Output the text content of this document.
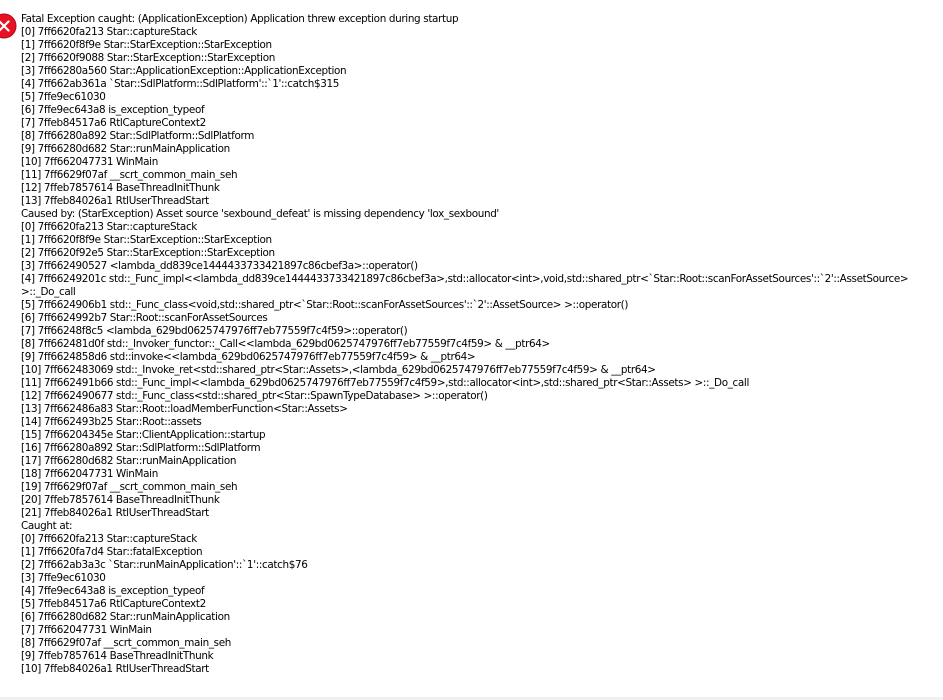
Fatal Exception caught: (ApplicationException) Application threw exception during startup
[0] 7ff6620fa213 Star::captureStack
[1] 7ff6620f8f9e Star::StarException::StarException
[2] 7ff6620f9088 Star::StarException::StarException
[3] 7ff66280a560 Star::ApplicationException::ApplicationException
[4] 7ff662ab361a `Star::SdlPlatform::SdlPlatform'::`1'::catch$315
[5] 7ffe9ec61030
[6] 7ffe9ec643a8 is_exception_typeof
[7] 7ffeb84517a6 RtlCaptureContext2
[8] 7ff66280a892 Star::SdlPlatform::SdlPlatform
[9] 7ff66280d682 Star::runMainApplication
[10] 7ff662047731 WinMain
[11] 7ff6629f07af __scrt_common_main_seh
[12] 7ffeb7857614 BaseThreadInitThunk
[13] 7ffeb84026a1 RtlUserThreadStart
Caused by: (StarException) Asset source 'sexbound_defeat' is missing dependency 'lox_sexbound'
[0] 7ff6620fa213 Star::captureStack
[1] 7ff6620f8f9e Star::StarException::StarException
[2] 7ff6620f92e5 Star::StarException::StarException
[3] 7ff662490527 <lambda_dd839ce1444433733421897c86cbef3a>::operator()
[4] 7ff66249201c std::_Func_impl<<lambda_dd839ce1444433733421897c86cbef3a>,std::allocator<int>,void,std::shared_ptr<`Star::Root::scanForAssetSources'::`2'::AssetSource>
>::_Do_call
[5] 7ff6624906b1 std::_Func_class<void,std::shared_ptr<`Star::Root::scanForAssetSources'::`2'::AssetSource> >::operator()
[6] 7ff6624992b7 Star::Root::scanForAssetSources
[7] 7ff66248f8c5 <lambda_629bd0625747976ff7eb77559f7c4f59>::operator()
[8] 7ff662481d0f std::_Invoker_functor::_Call<<lambda_629bd0625747976ff7eb77559f7c4f59> & __ptr64>
[9] 7ff6624858d6 std::invoke<<lambda_629bd0625747976ff7eb77559f7c4f59> & __ptr64>
[10] 7ff662483069 std::_Invoke_ret<std::shared_ptr<Star::Assets>,<lambda_629bd0625747976ff7eb77559f7c4f59> & __ptr64>
[11] 7ff662491b66 std::_Func_impl<<lambda_629bd0625747976ff7eb77559f7c4f59>,std::allocator<int>,std::shared_ptr<Star::Assets> >::_Do_call
[12] 7ff662490677 std::_Func_class<std::shared_ptr<Star::SpawnTypeDatabase> >::operator()
[13] 7ff662486a83 Star::Root::loadMemberFunction<Star::Assets>
[14] 7ff662493b25 Star::Root::assets
[15] 7ff66204345e Star::ClientApplication::startup
[16] 7ff66280a892 Star::SdlPlatform::SdlPlatform
[17] 7ff66280d682 Star::runMainApplication
[18] 7ff662047731 WinMain
[19] 7ff6629f07af __scrt_common_main_seh
[20] 7ffeb7857614 BaseThreadInitThunk
[21] 7ffeb84026a1 RtlUserThreadStart
Caught at:
[0] 7ff6620fa213 Star::captureStack
[1] 7ff6620fa7d4 Star::fatalException
[2] 7ff662ab3a3c `Star::runMainApplication'::`1'::catch$76
[3] 7ffe9ec61030
[4] 7ffe9ec643a8 is_exception_typeof
[5] 7ffeb84517a6 RtlCaptureContext2
[6] 7ff66280d682 Star::runMainApplication
[7] 7ff662047731 WinMain
[8] 7ff6629f07af __scrt_common_main_seh
[9] 7ffeb7857614 BaseThreadInitThunk
[10] 7ffeb84026a1 RtlUserThreadStart
